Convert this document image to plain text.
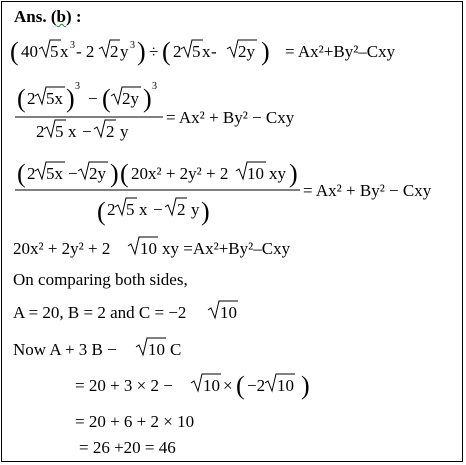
Ans. (b) :
( 40 5 x 3 - 2 2 y 3 ) ÷ ( 2 5 x - 2y ) = Ax²+By²–Cxy
( 2 5x ) 3
− ( 2y ) 3
2 5 x − 2 y
= Ax² + By² − Cxy
( 2 5x − 2y ) ( 20x² + 2y² + 2 10 xy )
( 2 5 x − 2 y )
= Ax² + By² − Cxy
20x² + 2y² + 2 10 xy =Ax²+By²–Cxy
On comparing both sides,
A = 20, B = 2 and C = −2 10
Now A + 3 B − 10 C
= 20 + 3 × 2 − 10 × ( −2 10 )
= 20 + 6 + 2 × 10
= 26 +20 = 46
